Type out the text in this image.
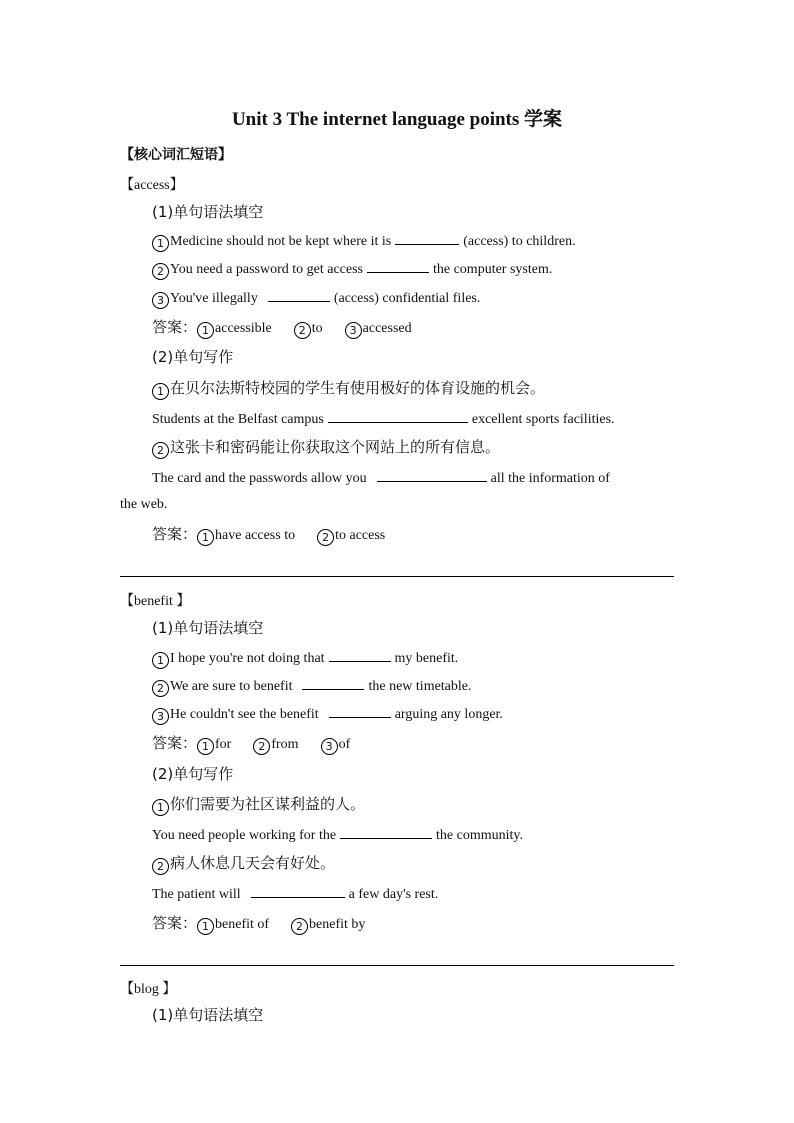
Unit 3 The internet language points 学案
【核心词汇短语】
【access】
(1)单句语法填空
1 Medicine should not be kept where it is	(access) to children.
2 You need a password to get access	the computer system.
3 You've illegally	(access) confidential files.
答案： 1 accessible 2 to 3 accessed
(2)单句写作
1 在贝尔法斯特校园的学生有使用极好的体育设施的机会。
Students at the Belfast campus	excellent sports facilities.
2 这张卡和密码能让你获取这个网站上的所有信息。
The card and the passwords allow you	all the information of
the web.
答案： 1 have access to 2 to access
【benefit 】
(1)单句语法填空
1 I hope you're not doing that	my benefit.
2 We are sure to benefit	the new timetable.
3 He couldn't see the benefit	arguing any longer.
答案： 1 for 2 from 3 of
(2)单句写作
1 你们需要为社区谋利益的人。
You need people working for the	the community.
2 病人休息几天会有好处。
The patient will	a few day's rest.
答案： 1 benefit of 2 benefit by
【blog 】
(1)单句语法填空
